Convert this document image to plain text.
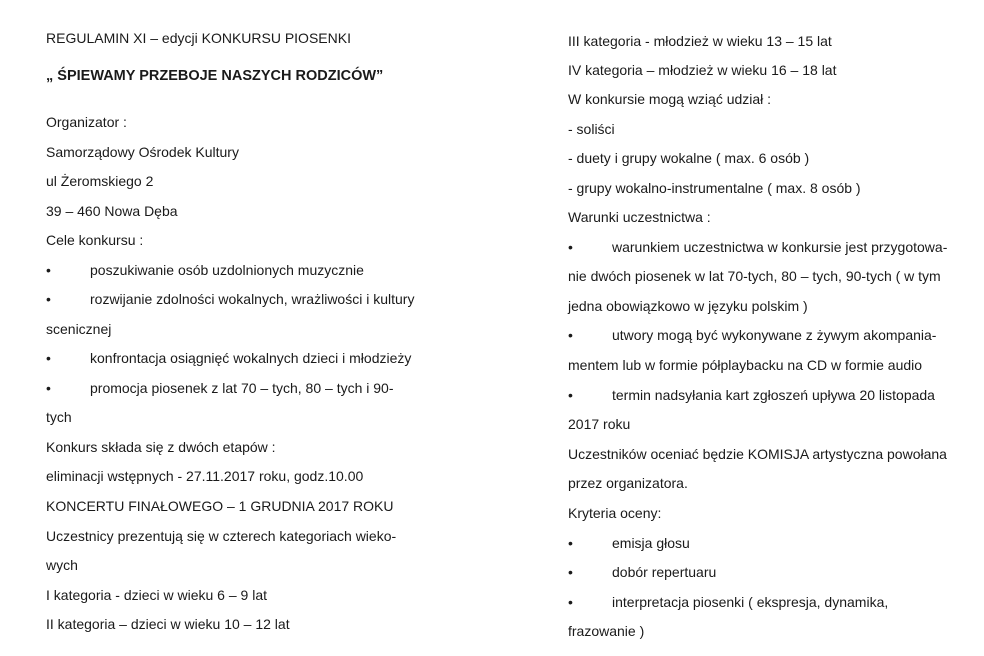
REGULAMIN XI – edycji KONKURSU PIOSENKI
„ ŚPIEWAMY PRZEBOJE NASZYCH RODZICÓW”
Organizator :
Samorządowy Ośrodek Kultury
ul Żeromskiego 2
39 – 460 Nowa Dęba
Cele konkursu :
•	poszukiwanie osób uzdolnionych muzycznie
•	rozwijanie zdolności wokalnych, wrażliwości i kultury
scenicznej
•	konfrontacja osiągnięć wokalnych dzieci i młodzieży
•	promocja piosenek z lat 70 – tych, 80 – tych i 90-
tych
Konkurs składa się z dwóch etapów :
eliminacji wstępnych - 27.11.2017 roku, godz.10.00
KONCERTU FINAŁOWEGO – 1 GRUDNIA 2017 ROKU
Uczestnicy prezentują się w czterech kategoriach wieko-
wych
I kategoria - dzieci w wieku 6 – 9 lat
II kategoria – dzieci w wieku 10 – 12 lat
III kategoria - młodzież w wieku 13 – 15 lat
IV kategoria – młodzież w wieku 16 – 18 lat
W konkursie mogą wziąć udział :
- soliści
- duety i grupy wokalne ( max. 6 osób )
- grupy wokalno-instrumentalne ( max. 8 osób )
Warunki uczestnictwa :
•	warunkiem uczestnictwa w konkursie jest przygotowa-
nie dwóch piosenek w lat 70-tych, 80 – tych, 90-tych ( w tym
jedna obowiązkowo w języku polskim )
•	utwory mogą być wykonywane z żywym akompania-
mentem lub w formie półplaybacku na CD w formie audio
•	termin nadsyłania kart zgłoszeń upływa 20 listopada
2017 roku
Uczestników oceniać będzie KOMISJA artystyczna powołana
przez organizatora.
Kryteria oceny:
•	emisja głosu
•	dobór repertuaru
•	interpretacja piosenki ( ekspresja, dynamika,
frazowanie )
